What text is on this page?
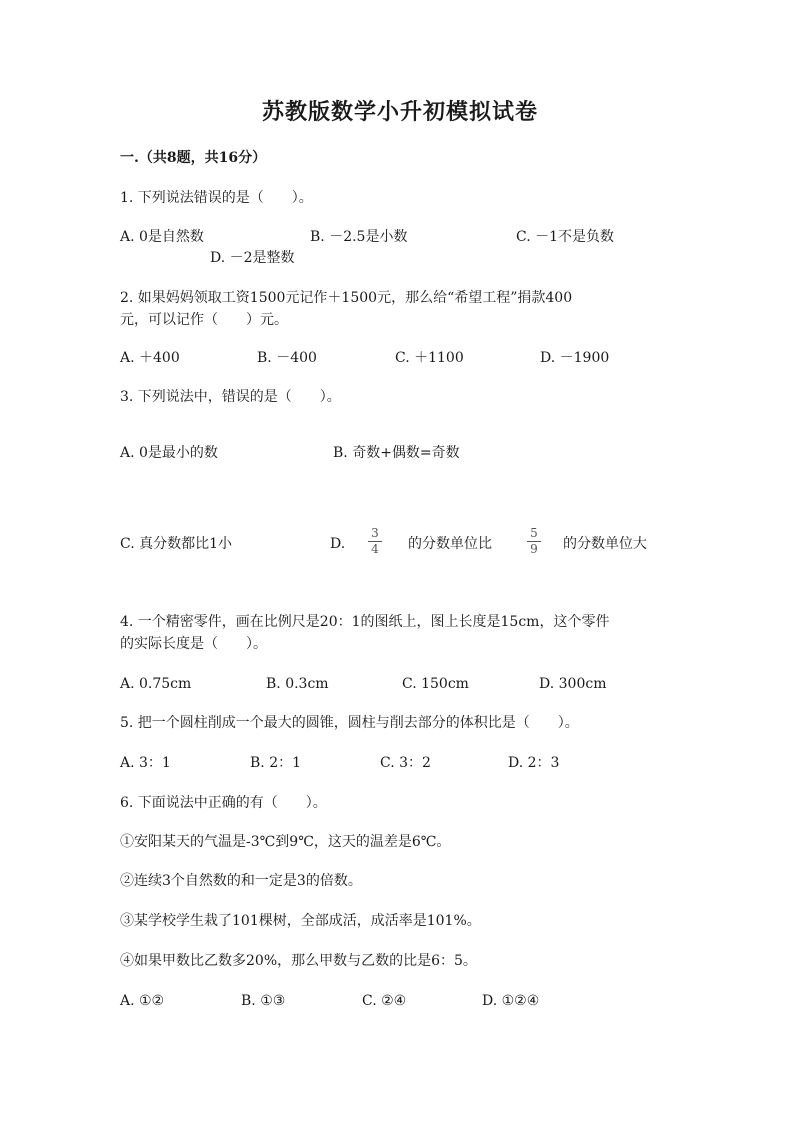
苏教版数学小升初模拟试卷
一.（共8题，共16分）
1. 下列说法错误的是（　　）。
A. 0是自然数	B. －2.5是小数	C. －1不是负数
D. －2是整数
2. 如果妈妈领取工资1500元记作＋1500元，那么给“希望工程”捐款400
元，可以记作（　　）元。
A. ＋400	B. －400	C. ＋1100	D. －1900
3. 下列说法中，错误的是（　　）。
A. 0是最小的数	B. 奇数+偶数=奇数
C. 真分数都比1小	D.
3
4	的分数单位比
5
9	的分数单位大
4. 一个精密零件，画在比例尺是20：1的图纸上，图上长度是15cm，这个零件
的实际长度是（　　）。
A. 0.75cm	B. 0.3cm	C. 150cm	D. 300cm
5. 把一个圆柱削成一个最大的圆锥，圆柱与削去部分的体积比是（　　）。
A. 3：1	B. 2：1	C. 3：2	D. 2：3
6. 下面说法中正确的有（　　）。
①安阳某天的气温是-3℃到9℃，这天的温差是6℃。
②连续3个自然数的和一定是3的倍数。
③某学校学生栽了101棵树，全部成活，成活率是101%。
④如果甲数比乙数多20%，那么甲数与乙数的比是6：5。
A. ①②	B. ①③	C. ②④	D. ①②④
